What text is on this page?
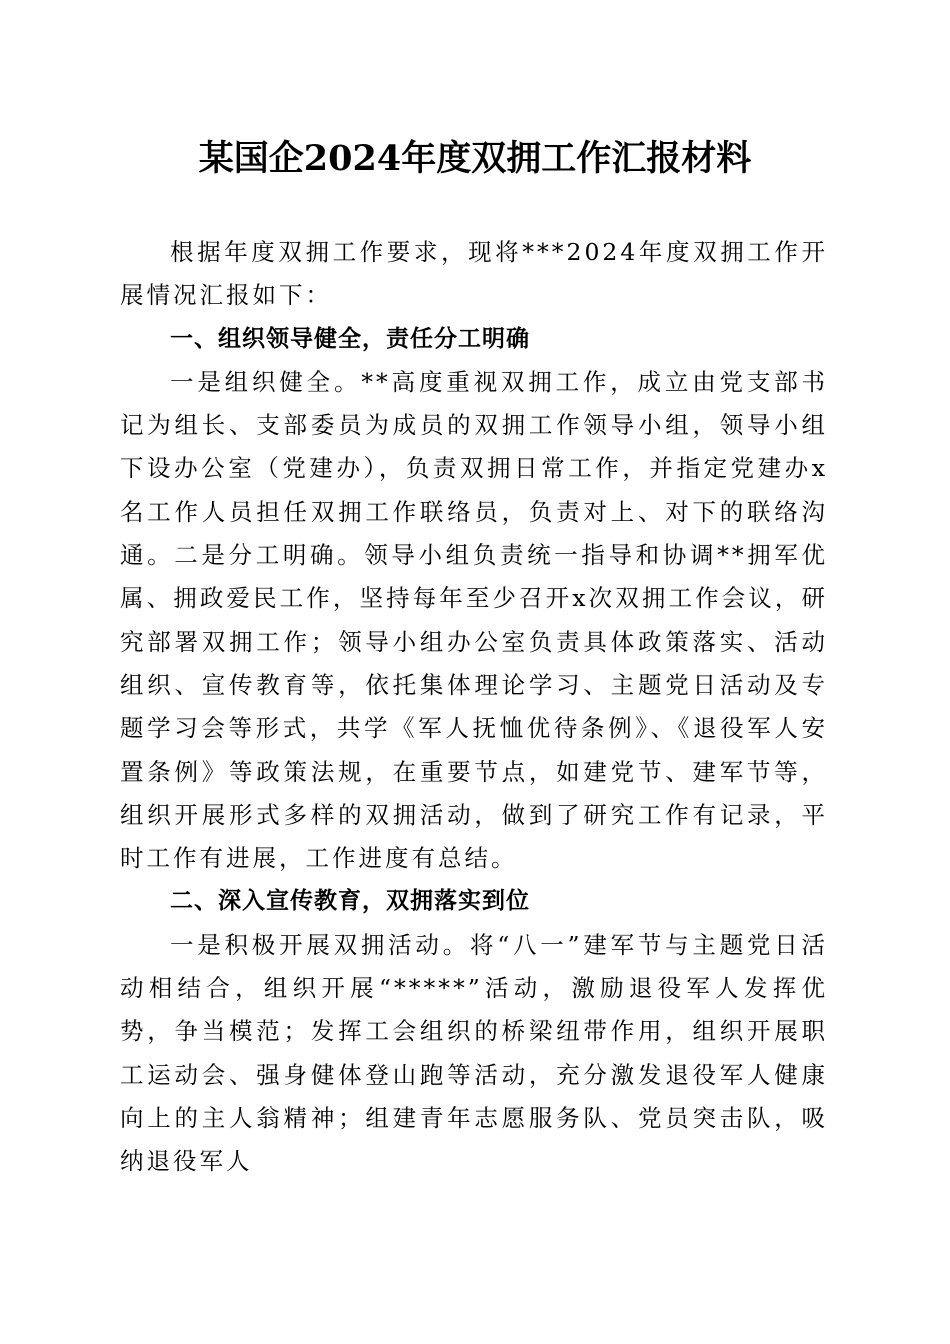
某国企2024年度双拥工作汇报材料

根据年度双拥工作要求，现将***2024年度双拥工作开展情况汇报如下：

一、组织领导健全，责任分工明确

一是组织健全。**高度重视双拥工作，成立由党支部书记为组长、支部委员为成员的双拥工作领导小组，领导小组下设办公室（党建办），负责双拥日常工作，并指定党建办x名工作人员担任双拥工作联络员，负责对上、对下的联络沟通。二是分工明确。领导小组负责统一指导和协调**拥军优属、拥政爱民工作，坚持每年至少召开x次双拥工作会议，研究部署双拥工作；领导小组办公室负责具体政策落实、活动组织、宣传教育等，依托集体理论学习、主题党日活动及专题学习会等形式，共学《军人抚恤优待条例》、《退役军人安置条例》等政策法规，在重要节点，如建党节、建军节等，组织开展形式多样的双拥活动，做到了研究工作有记录，平时工作有进展，工作进度有总结。

二、深入宣传教育，双拥落实到位

一是积极开展双拥活动。将“八一”建军节与主题党日活动相结合，组织开展“*****”活动，激励退役军人发挥优势，争当模范；发挥工会组织的桥梁纽带作用，组织开展职工运动会、强身健体登山跑等活动，充分激发退役军人健康向上的主人翁精神；组建青年志愿服务队、党员突击队，吸纳退役军人
